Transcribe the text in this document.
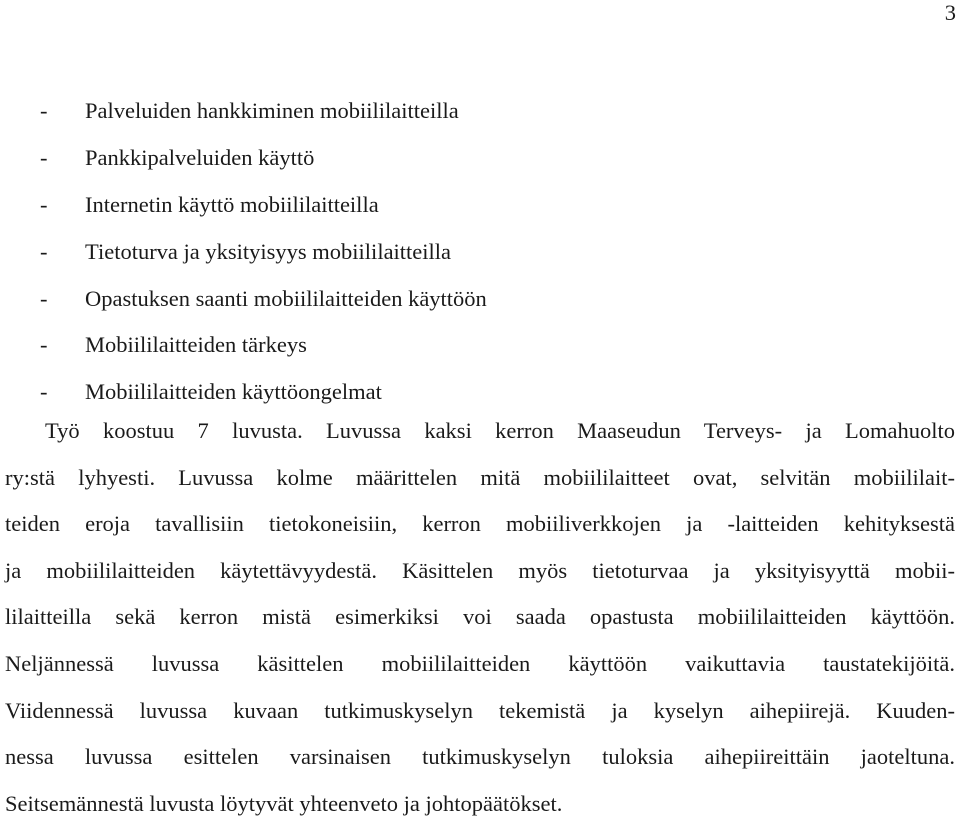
3
-	Palveluiden hankkiminen mobiililaitteilla
-	Pankkipalveluiden käyttö
-	Internetin käyttö mobiililaitteilla
-	Tietoturva ja yksityisyys mobiililaitteilla
-	Opastuksen saanti mobiililaitteiden käyttöön
-	Mobiililaitteiden tärkeys
-	Mobiililaitteiden käyttöongelmat
Työ koostuu 7 luvusta. Luvussa kaksi kerron Maaseudun Terveys- ja Lomahuolto
ry:stä lyhyesti. Luvussa kolme määrittelen mitä mobiililaitteet ovat, selvitän mobiililait-
teiden eroja tavallisiin tietokoneisiin, kerron mobiiliverkkojen ja -laitteiden kehityksestä
ja mobiililaitteiden käytettävyydestä. Käsittelen myös tietoturvaa ja yksityisyyttä mobii-
lilaitteilla sekä kerron mistä esimerkiksi voi saada opastusta mobiililaitteiden käyttöön.
Neljännessä luvussa käsittelen mobiililaitteiden käyttöön vaikuttavia taustatekijöitä.
Viidennessä luvussa kuvaan tutkimuskyselyn tekemistä ja kyselyn aihepiirejä. Kuuden-
nessa luvussa esittelen varsinaisen tutkimuskyselyn tuloksia aihepiireittäin jaoteltuna.
Seitsemännestä luvusta löytyvät yhteenveto ja johtopäätökset.
